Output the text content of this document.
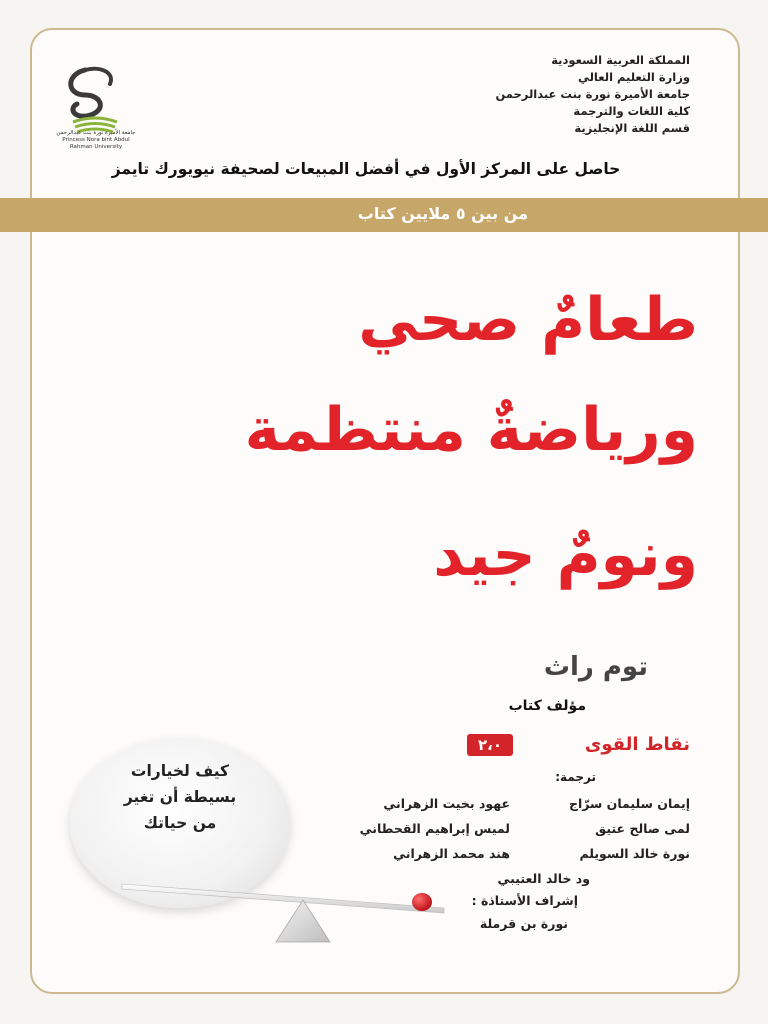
جامعة الأميرة نورة بنت عبدالرحمن
Princess Nora bint Abdul Rahman University
المملكة العربية السعودية
وزارة التعليم العالي
جامعة الأميرة نورة بنت عبدالرحمن
كلية اللغات والترجمة
قسم اللغة الإنجليزية
حاصل على المركز الأول في أفضل المبيعات لصحيفة نيويورك تايمز
من بين ٥ ملايين كتاب
طعامٌ صحي
ورياضةٌ منتظمة
ونومٌ جيد
توم راث
مؤلف كتاب
نقاط القوى
٢،٠
ترجمة:
إيمان سليمان سرّاج
عهود بخيت الزهراني
لمى صالح عتيق
لميس إبراهيم القحطاني
نورة خالد السويلم
هند محمد الزهراني
ود خالد العتيبي
إشراف الأستاذة :
نورة بن قرملة
كيف لخيارات
بسيطة أن تغير
من حياتك
